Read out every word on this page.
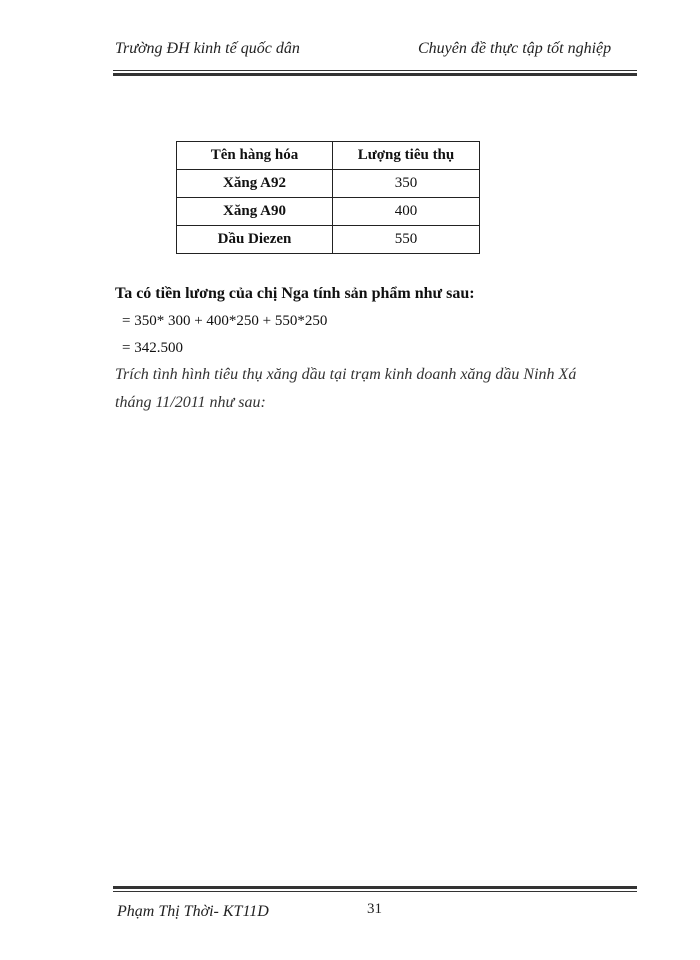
Trường ĐH kinh tế quốc dân	Chuyên đề thực tập tốt nghiệp
Tên hàng hóa	Lượng tiêu thụ
Xăng A92	350
Xăng A90	400
Dầu Diezen	550
Ta có tiền lương của chị Nga tính sản phẩm như sau:
= 350* 300 + 400*250 + 550*250
= 342.500
Trích tình hình tiêu thụ xăng dầu tại trạm kinh doanh xăng dầu Ninh Xá
tháng 11/2011 như sau:
Phạm Thị Thời- KT11D	31
